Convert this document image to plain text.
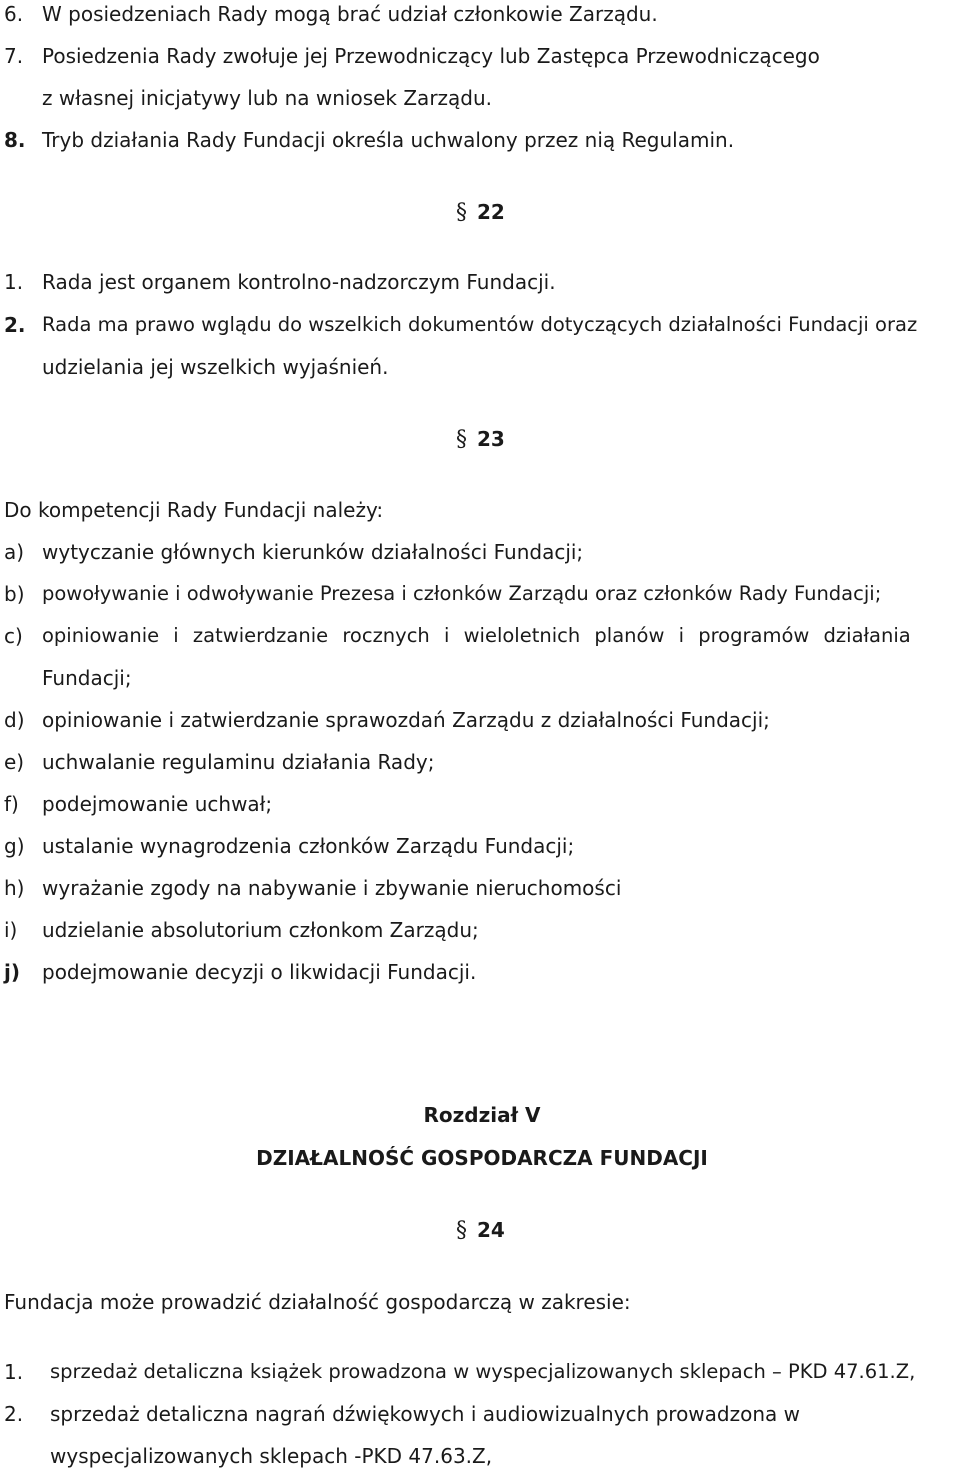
6. W posiedzeniach Rady mogą brać udział członkowie Zarządu.
7. Posiedzenia Rady zwołuje jej Przewodniczący lub Zastępca Przewodniczącego
z własnej inicjatywy lub na wniosek Zarządu.
8. Tryb działania Rady Fundacji określa uchwalony przez nią Regulamin.
§ 22
1. Rada jest organem kontrolno-nadzorczym Fundacji.
2. Rada ma prawo wglądu do wszelkich dokumentów dotyczących działalności Fundacji oraz
udzielania jej wszelkich wyjaśnień.
§ 23
Do kompetencji Rady Fundacji należy:
a) wytyczanie głównych kierunków działalności Fundacji;
b) powoływanie i odwoływanie Prezesa i członków Zarządu oraz członków Rady Fundacji;
c) opiniowanie i zatwierdzanie rocznych i wieloletnich planów i programów działania
Fundacji;
d) opiniowanie i zatwierdzanie sprawozdań Zarządu z działalności Fundacji;
e) uchwalanie regulaminu działania Rady;
f) podejmowanie uchwał;
g) ustalanie wynagrodzenia członków Zarządu Fundacji;
h) wyrażanie zgody na nabywanie i zbywanie nieruchomości
i) udzielanie absolutorium członkom Zarządu;
j) podejmowanie decyzji o likwidacji Fundacji.
Rozdział V
DZIAŁALNOŚĆ GOSPODARCZA FUNDACJI
§ 24
Fundacja może prowadzić działalność gospodarczą w zakresie:
1. sprzedaż detaliczna książek prowadzona w wyspecjalizowanych sklepach – PKD 47.61.Z,
2. sprzedaż detaliczna nagrań dźwiękowych i audiowizualnych prowadzona w
wyspecjalizowanych sklepach -PKD 47.63.Z,
